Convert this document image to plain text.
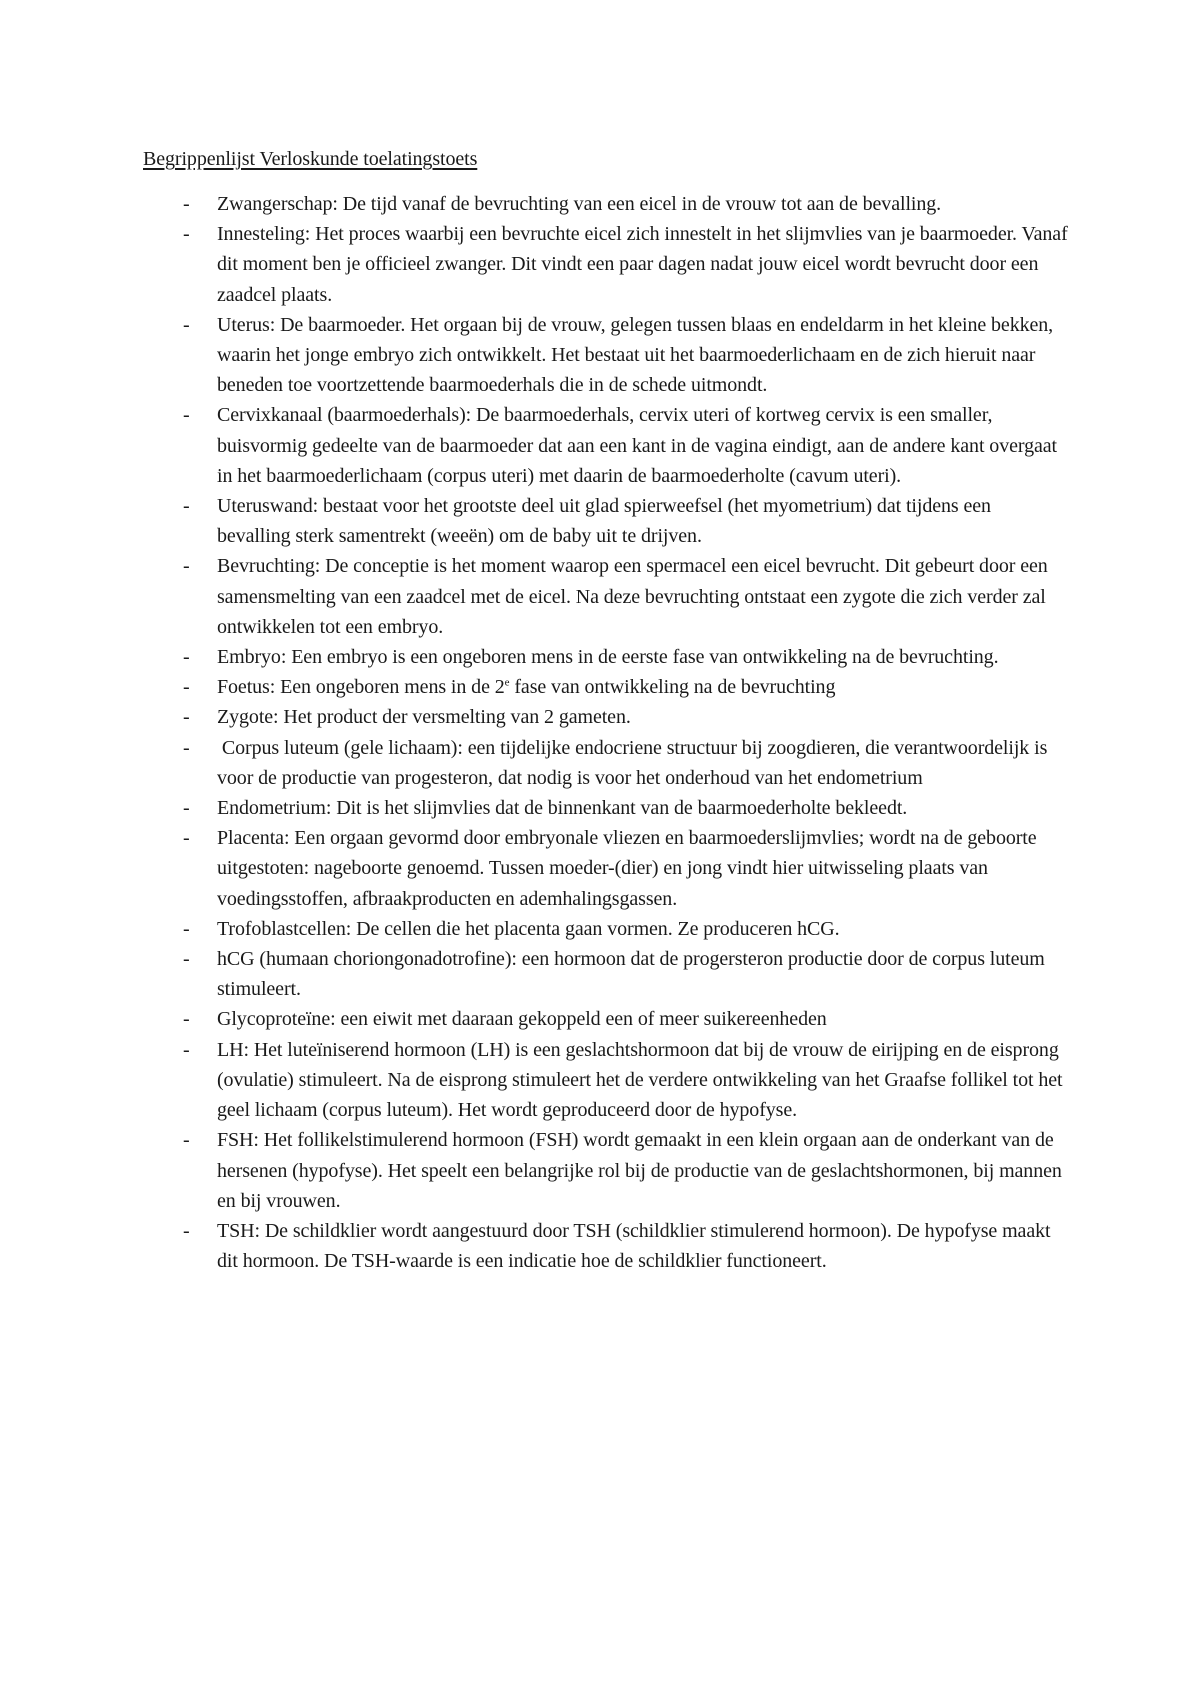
Begrippenlijst Verloskunde toelatingstoets
- Zwangerschap: De tijd vanaf de bevruchting van een eicel in de vrouw tot aan de bevalling.
- Innesteling: Het proces waarbij een bevruchte eicel zich innestelt in het slijmvlies van je baarmoeder. Vanaf dit moment ben je officieel zwanger. Dit vindt een paar dagen nadat jouw eicel wordt bevrucht door een zaadcel plaats.
- Uterus: De baarmoeder. Het orgaan bij de vrouw, gelegen tussen blaas en endeldarm in het kleine bekken, waarin het jonge embryo zich ontwikkelt. Het bestaat uit het baarmoederlichaam en de zich hieruit naar beneden toe voortzettende baarmoederhals die in de schede uitmondt.
- Cervixkanaal (baarmoederhals): De baarmoederhals, cervix uteri of kortweg cervix is een smaller, buisvormig gedeelte van de baarmoeder dat aan een kant in de vagina eindigt, aan de andere kant overgaat in het baarmoederlichaam (corpus uteri) met daarin de baarmoederholte (cavum uteri).
- Uteruswand: bestaat voor het grootste deel uit glad spierweefsel (het myometrium) dat tijdens een bevalling sterk samentrekt (weeën) om de baby uit te drijven.
- Bevruchting: De conceptie is het moment waarop een spermacel een eicel bevrucht. Dit gebeurt door een samensmelting van een zaadcel met de eicel. Na deze bevruchting ontstaat een zygote die zich verder zal ontwikkelen tot een embryo.
- Embryo: Een embryo is een ongeboren mens in de eerste fase van ontwikkeling na de bevruchting.
- Foetus: Een ongeboren mens in de 2e fase van ontwikkeling na de bevruchting
- Zygote: Het product der versmelting van 2 gameten.
- Corpus luteum (gele lichaam): een tijdelijke endocriene structuur bij zoogdieren, die verantwoordelijk is voor de productie van progesteron, dat nodig is voor het onderhoud van het endometrium
- Endometrium: Dit is het slijmvlies dat de binnenkant van de baarmoederholte bekleedt.
- Placenta: Een orgaan gevormd door embryonale vliezen en baarmoederslijmvlies; wordt na de geboorte uitgestoten: nageboorte genoemd. Tussen moeder-(dier) en jong vindt hier uitwisseling plaats van voedingsstoffen, afbraakproducten en ademhalingsgassen.
- Trofoblastcellen: De cellen die het placenta gaan vormen. Ze produceren hCG.
- hCG (humaan choriongonadotrofine): een hormoon dat de progersteron productie door de corpus luteum stimuleert.
- Glycoproteïne: een eiwit met daaraan gekoppeld een of meer suikereenheden
- LH: Het luteïniserend hormoon (LH) is een geslachtshormoon dat bij de vrouw de eirijping en de eisprong (ovulatie) stimuleert. Na de eisprong stimuleert het de verdere ontwikkeling van het Graafse follikel tot het geel lichaam (corpus luteum). Het wordt geproduceerd door de hypofyse.
- FSH: Het follikelstimulerend hormoon (FSH) wordt gemaakt in een klein orgaan aan de onderkant van de hersenen (hypofyse). Het speelt een belangrijke rol bij de productie van de geslachtshormonen, bij mannen en bij vrouwen.
- TSH: De schildklier wordt aangestuurd door TSH (schildklier stimulerend hormoon). De hypofyse maakt dit hormoon. De TSH-waarde is een indicatie hoe de schildklier functioneert.
